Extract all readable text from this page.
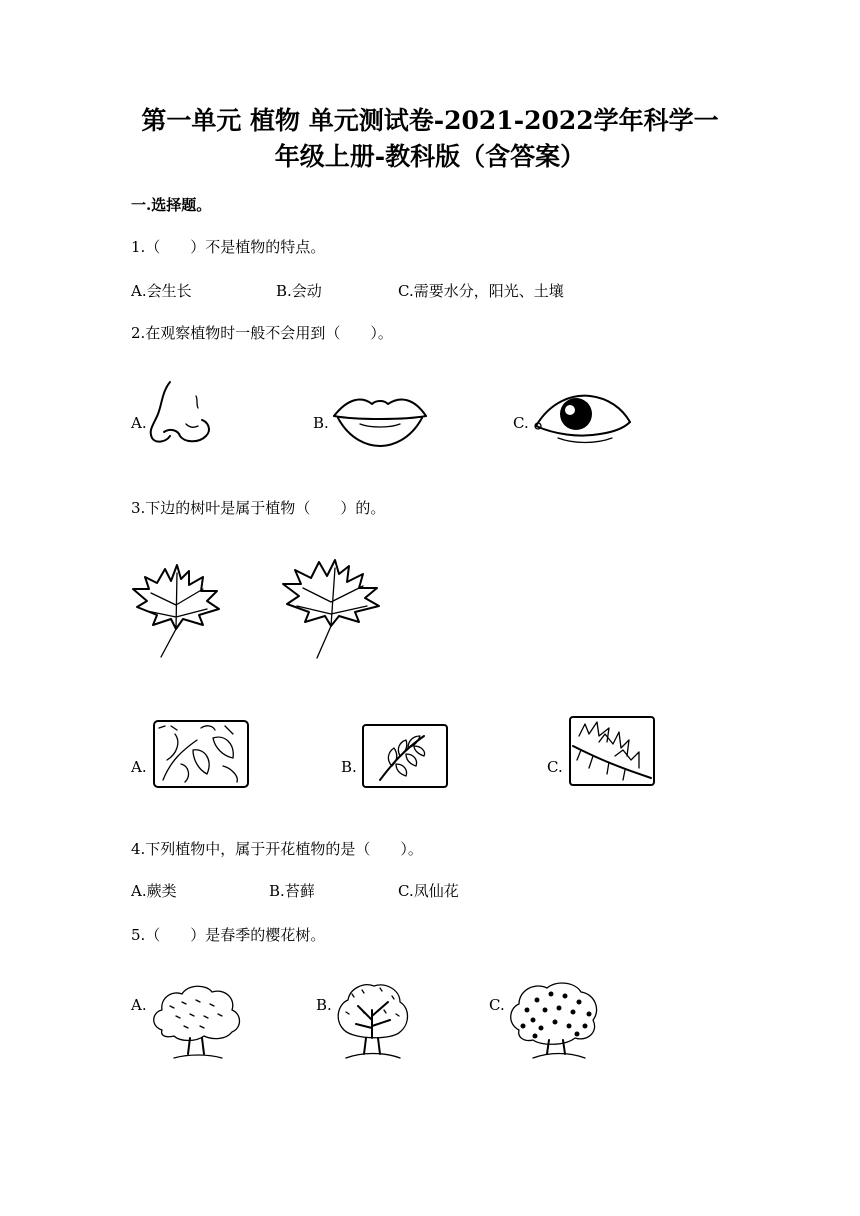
第一单元 植物 单元测试卷-2021-2022学年科学一
年级上册-教科版（含答案）
一.选择题。
1.（　　）不是植物的特点。
A.会生长	B.会动	C.需要水分，阳光、土壤
2.在观察植物时一般不会用到（　　）。
A.	B.	C.
3.下边的树叶是属于植物（　　）的。
A.	B.	C.
4.下列植物中，属于开花植物的是（　　）。
A.蕨类	B.苔藓	C.凤仙花
5.（　　）是春季的樱花树。
A.	B.	C.
